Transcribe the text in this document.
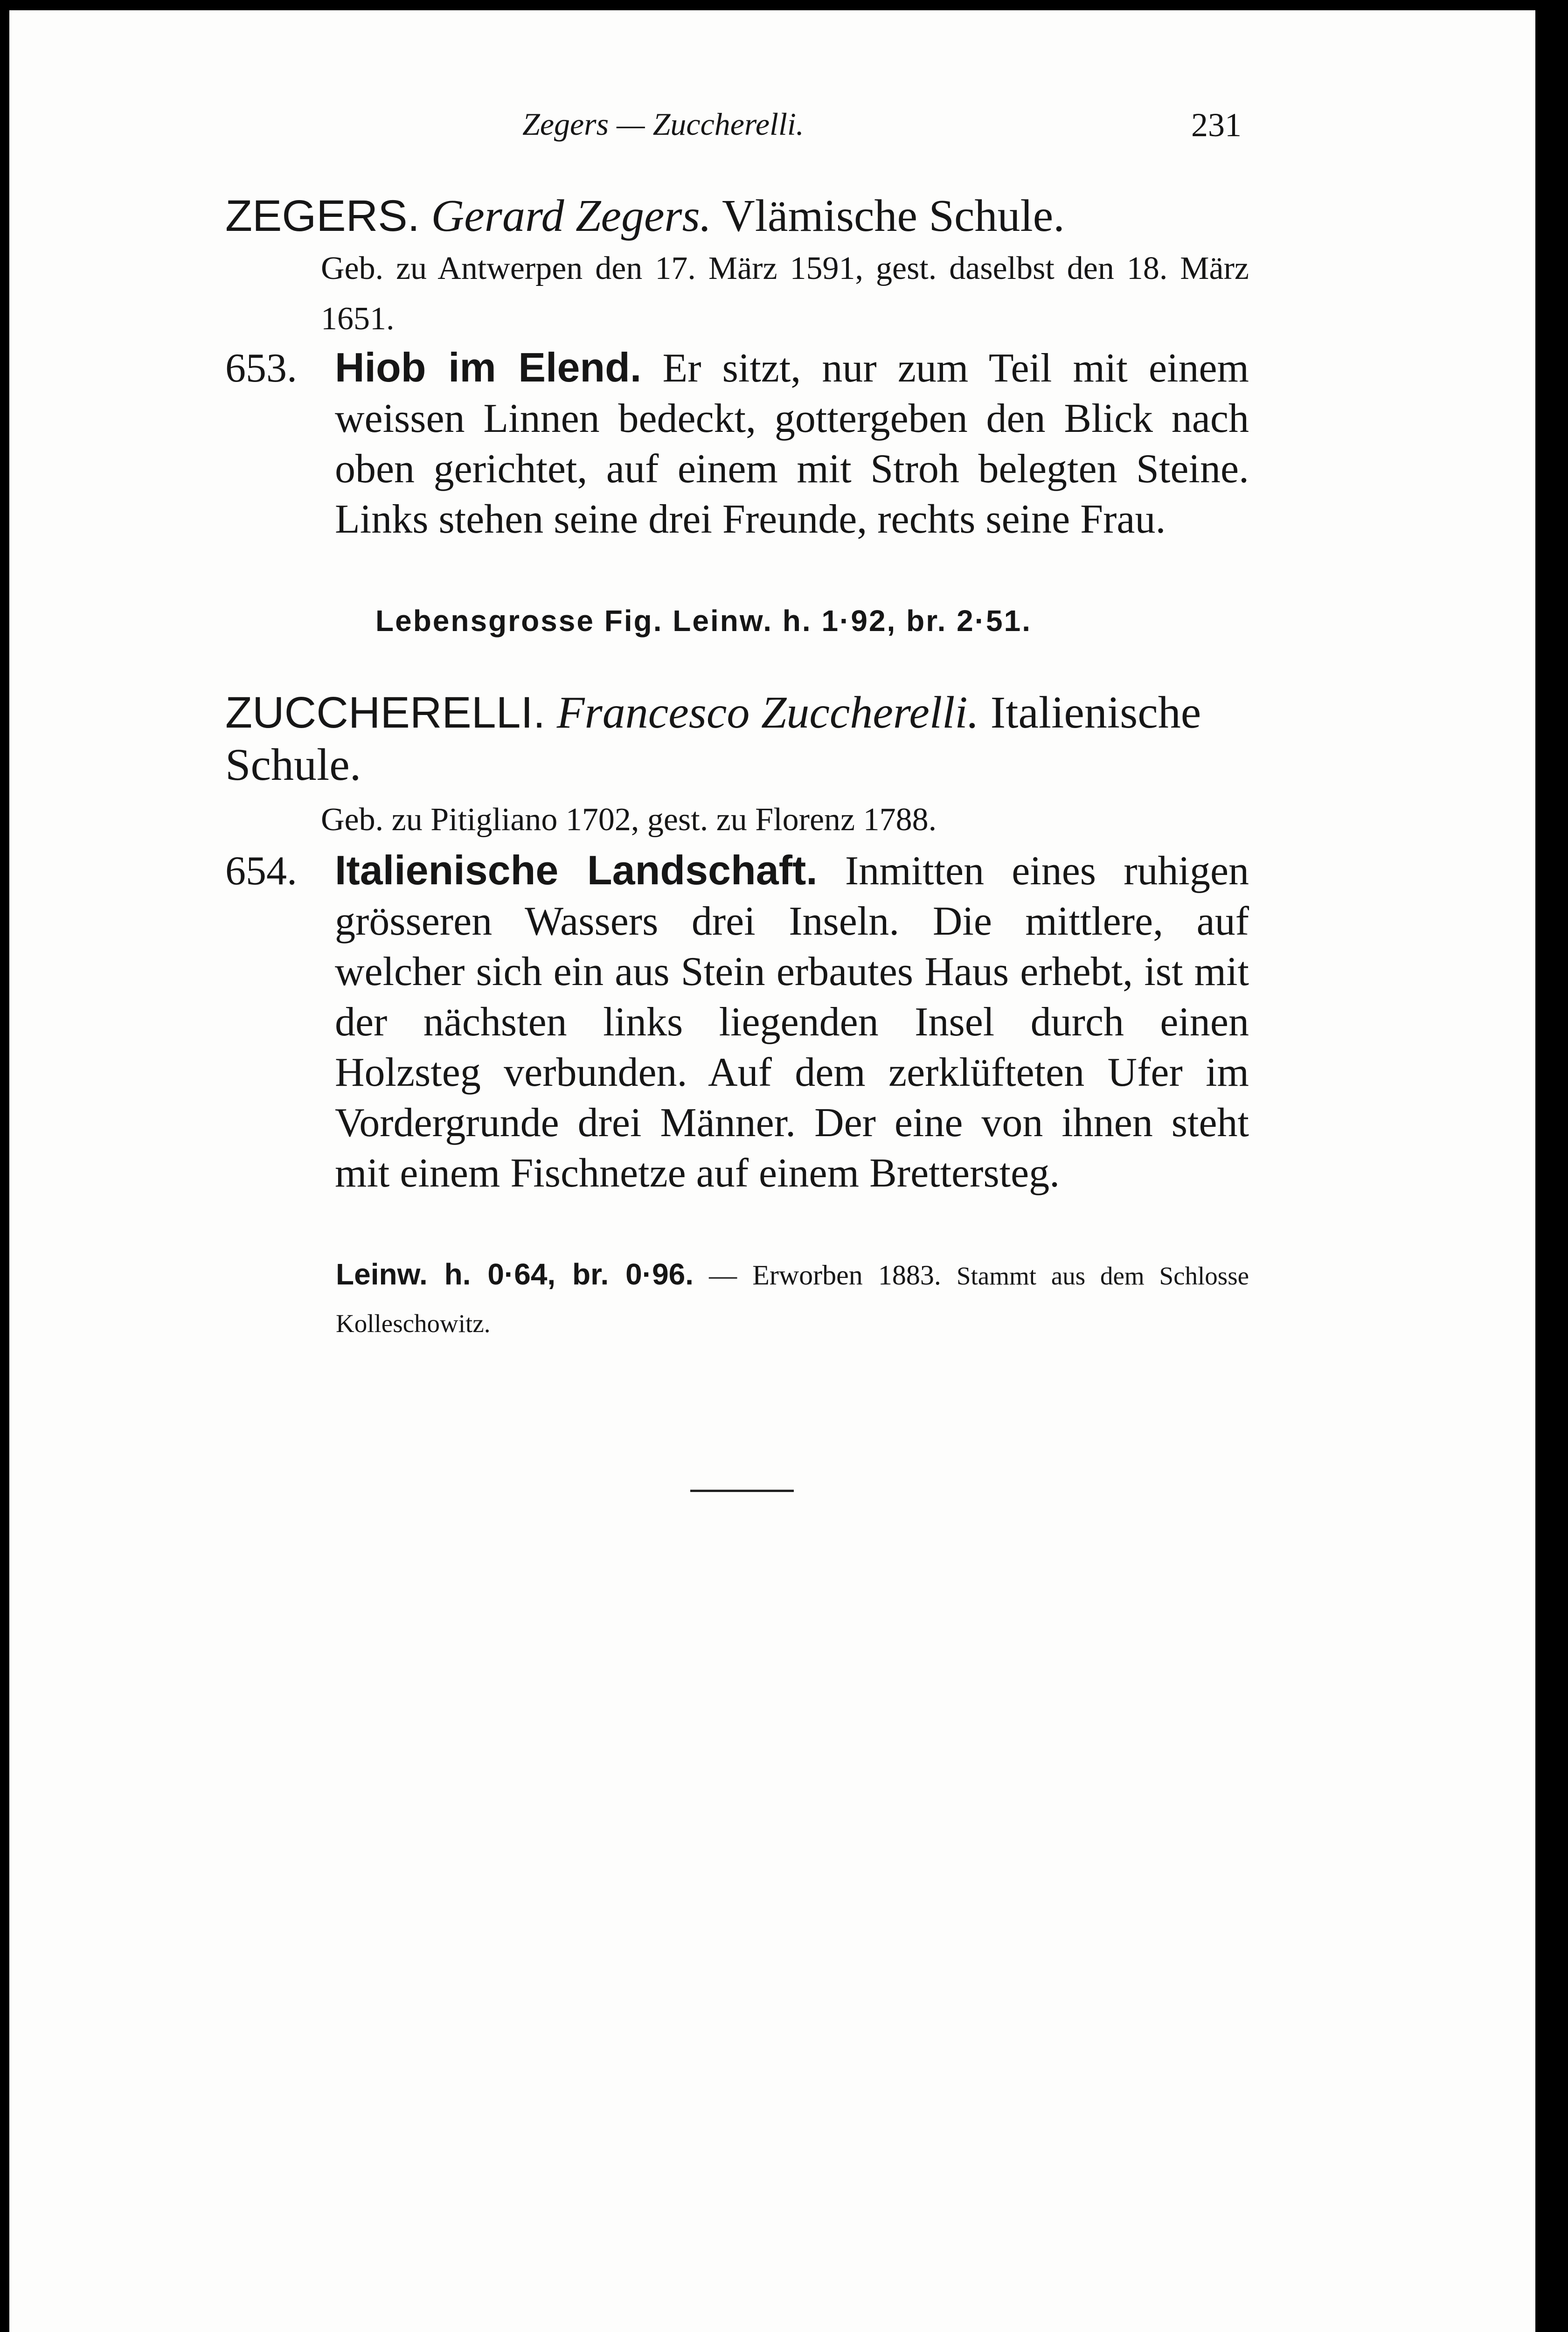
Zegers — Zuccherelli.	231
ZEGERS. Gerard Zegers. Vlämische Schule.
Geb. zu Antwerpen den 17. März 1591, gest. daselbst den 18. März 1651.
653. Hiob im Elend. Er sitzt, nur zum Teil mit einem weissen Linnen bedeckt, gottergeben den Blick nach oben gerichtet, auf einem mit Stroh belegten Steine. Links stehen seine drei Freunde, rechts seine Frau.
Lebensgrosse Fig. Leinw. h. 1·92, br. 2·51.
ZUCCHERELLI. Francesco Zuccherelli. Italienische Schule.
Geb. zu Pitigliano 1702, gest. zu Florenz 1788.
654. Italienische Landschaft. Inmitten eines ruhigen grösseren Wassers drei Inseln. Die mittlere, auf welcher sich ein aus Stein erbautes Haus erhebt, ist mit der nächsten links liegenden Insel durch einen Holzsteg verbunden. Auf dem zerklüfteten Ufer im Vordergrunde drei Männer. Der eine von ihnen steht mit einem Fischnetze auf einem Brettersteg.
Leinw. h. 0·64, br. 0·96. — Erworben 1883. Stammt aus dem Schlosse Kolleschowitz.
